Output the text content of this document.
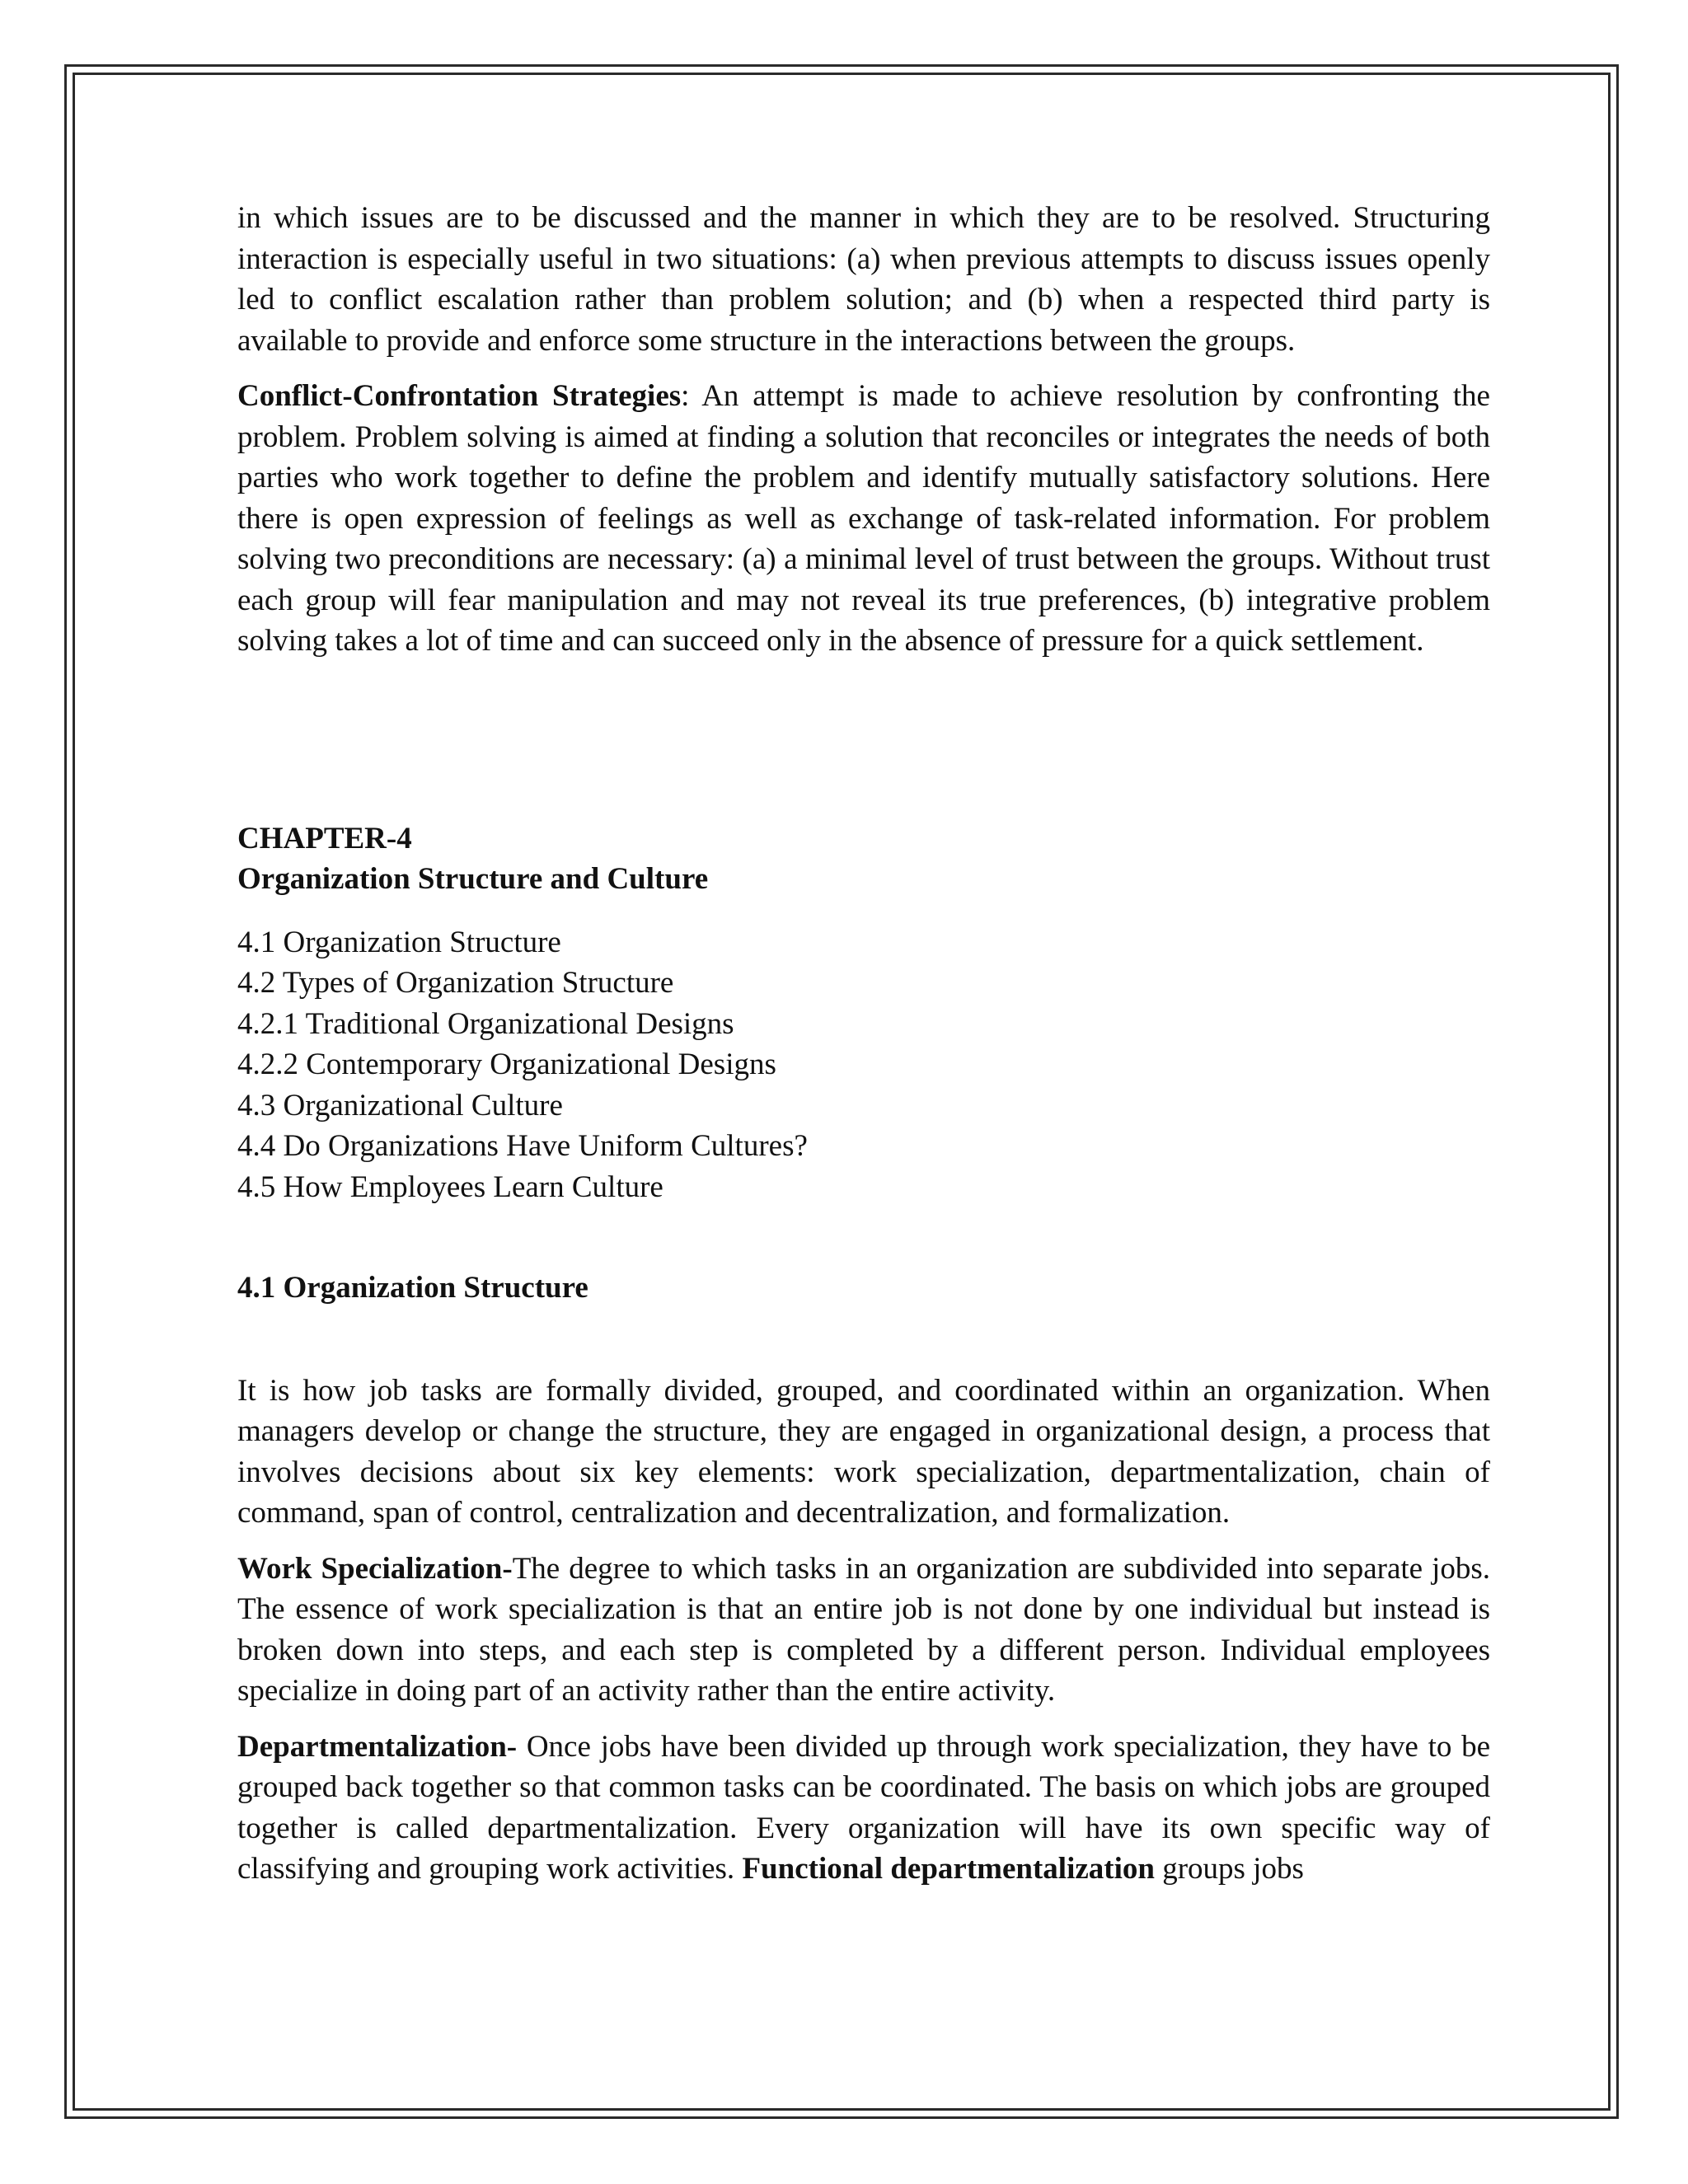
in which issues are to be discussed and the manner in which they are to be resolved. Structuring interaction is especially useful in two situations: (a) when previous attempts to discuss issues openly led to conflict escalation rather than problem solution; and (b) when a respected third party is available to provide and enforce some structure in the interactions between the groups.

Conflict-Confrontation Strategies: An attempt is made to achieve resolution by confronting the problem. Problem solving is aimed at finding a solution that reconciles or integrates the needs of both parties who work together to define the problem and identify mutually satisfactory solutions. Here there is open expression of feelings as well as exchange of task-related information. For problem solving two preconditions are necessary: (a) a minimal level of trust between the groups. Without trust each group will fear manipulation and may not reveal its true preferences, (b) integrative problem solving takes a lot of time and can succeed only in the absence of pressure for a quick settlement.

CHAPTER-4
Organization Structure and Culture
4.1 Organization Structure
4.2 Types of Organization Structure
4.2.1 Traditional Organizational Designs
4.2.2 Contemporary Organizational Designs
4.3 Organizational Culture
4.4 Do Organizations Have Uniform Cultures?
4.5 How Employees Learn Culture
4.1 Organization Structure

It is how job tasks are formally divided, grouped, and coordinated within an organization. When managers develop or change the structure, they are engaged in organizational design, a process that involves decisions about six key elements: work specialization, departmentalization, chain of command, span of control, centralization and decentralization, and formalization.

Work Specialization-The degree to which tasks in an organization are subdivided into separate jobs. The essence of work specialization is that an entire job is not done by one individual but instead is broken down into steps, and each step is completed by a different person. Individual employees specialize in doing part of an activity rather than the entire activity.

Departmentalization- Once jobs have been divided up through work specialization, they have to be grouped back together so that common tasks can be coordinated. The basis on which jobs are grouped together is called departmentalization. Every organization will have its own specific way of classifying and grouping work activities. Functional departmentalization groups jobs
